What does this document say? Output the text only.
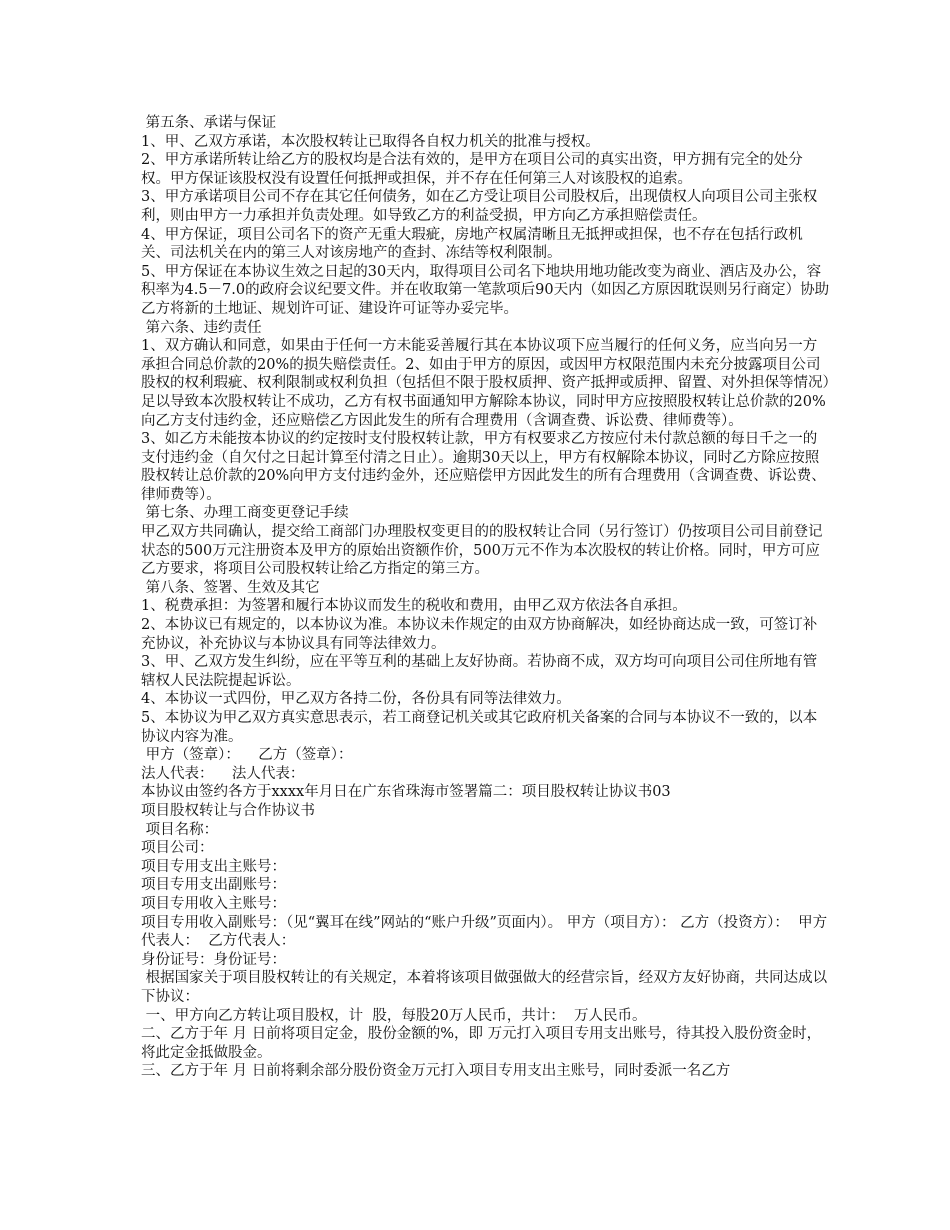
第五条、承诺与保证

1、甲、乙双方承诺，本次股权转让已取得各自权力机关的批准与授权。

2、甲方承诺所转让给乙方的股权均是合法有效的，是甲方在项目公司的真实出资，甲方拥有完全的处分权。甲方保证该股权没有设置任何抵押或担保，并不存在任何第三人对该股权的追索。

3、甲方承诺项目公司不存在其它任何债务，如在乙方受让项目公司股权后，出现债权人向项目公司主张权利，则由甲方一力承担并负责处理。如导致乙方的利益受损，甲方向乙方承担赔偿责任。

4、甲方保证，项目公司名下的资产无重大瑕疵，房地产权属清晰且无抵押或担保，也不存在包括行政机关、司法机关在内的第三人对该房地产的查封、冻结等权利限制。

5、甲方保证在本协议生效之日起的30天内，取得项目公司名下地块用地功能改变为商业、酒店及办公，容积率为4.5－7.0的政府会议纪要文件。并在收取第一笔款项后90天内（如因乙方原因耽误则另行商定）协助乙方将新的土地证、规划许可证、建设许可证等办妥完毕。

第六条、违约责任

1、双方确认和同意，如果由于任何一方未能妥善履行其在本协议项下应当履行的任何义务，应当向另一方承担合同总价款的20%的损失赔偿责任。2、如由于甲方的原因，或因甲方权限范围内未充分披露项目公司股权的权利瑕疵、权利限制或权利负担（包括但不限于股权质押、资产抵押或质押、留置、对外担保等情况）足以导致本次股权转让不成功，乙方有权书面通知甲方解除本协议，同时甲方应按照股权转让总价款的20%向乙方支付违约金，还应赔偿乙方因此发生的所有合理费用（含调查费、诉讼费、律师费等）。

3、如乙方未能按本协议的约定按时支付股权转让款，甲方有权要求乙方按应付未付款总额的每日千之一的支付违约金（自欠付之日起计算至付清之日止）。逾期30天以上，甲方有权解除本协议，同时乙方除应按照股权转让总价款的20%向甲方支付违约金外，还应赔偿甲方因此发生的所有合理费用（含调查费、诉讼费、律师费等）。

第七条、办理工商变更登记手续

甲乙双方共同确认，提交给工商部门办理股权变更目的的股权转让合同（另行签订）仍按项目公司目前登记状态的500万元注册资本及甲方的原始出资额作价，500万元不作为本次股权的转让价格。同时，甲方可应乙方要求，将项目公司股权转让给乙方指定的第三方。

第八条、签署、生效及其它

1、税费承担：为签署和履行本协议而发生的税收和费用，由甲乙双方依法各自承担。

2、本协议已有规定的，以本协议为准。本协议未作规定的由双方协商解决，如经协商达成一致，可签订补充协议，补充协议与本协议具有同等法律效力。

3、甲、乙双方发生纠纷，应在平等互利的基础上友好协商。若协商不成，双方均可向项目公司住所地有管辖权人民法院提起诉讼。

4、本协议一式四份，甲乙双方各持二份，各份具有同等法律效力。

5、本协议为甲乙双方真实意思表示，若工商登记机关或其它政府机关备案的合同与本协议不一致的，以本协议内容为准。

甲方（签章）：    乙方（签章）：

法人代表：    法人代表：

本协议由签约各方于xxxx年月日在广东省珠海市签署篇二：项目股权转让协议书03

项目股权转让与合作协议书

项目名称：

项目公司：

项目专用支出主账号：

项目专用支出副账号：

项目专用收入主账号：

项目专用收入副账号：（见“翼耳在线”网站的“账户升级”页面内）。 甲方（项目方）： 乙方（投资方）：  甲方代表人：  乙方代表人：

身份证号：身份证号：

根据国家关于项目股权转让的有关规定，本着将该项目做强做大的经营宗旨，经双方友好协商，共同达成以下协议：

一、甲方向乙方转让项目股权，计  股，每股20万人民币，共计：  万人民币。

二、乙方于年 月 日前将项目定金，股份金额的%，即 万元打入项目专用支出账号，待其投入股份资金时，将此定金抵做股金。

三、乙方于年 月 日前将剩余部分股份资金万元打入项目专用支出主账号，同时委派一名乙方
